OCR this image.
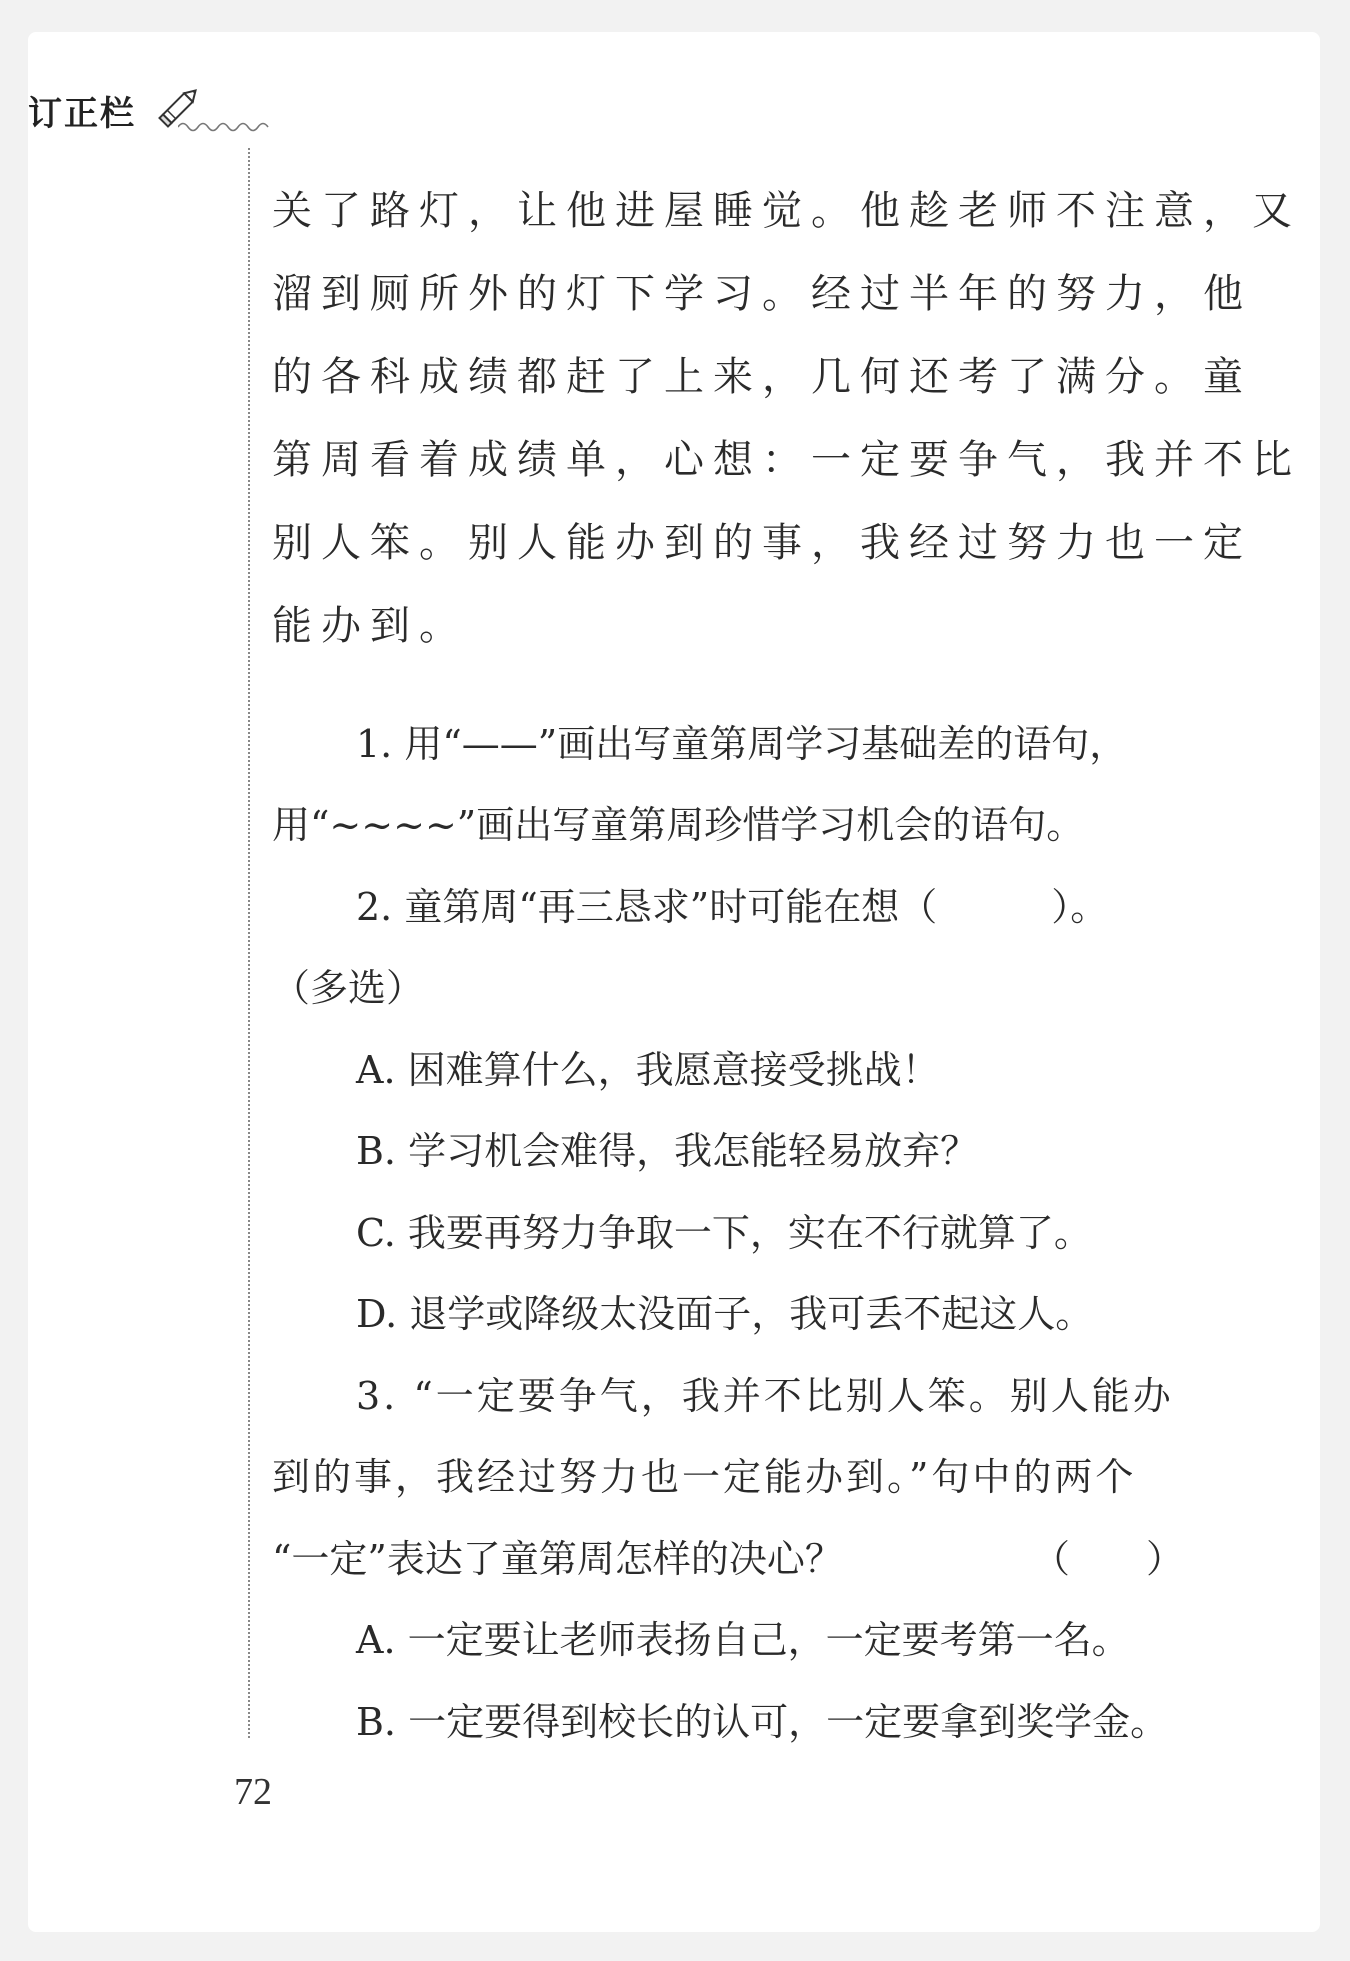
订正栏

关了路灯，让他进屋睡觉。他趁老师不注意，又

溜到厕所外的灯下学习。经过半年的努力，他

的各科成绩都赶了上来，几何还考了满分。童

第周看着成绩单，心想：一定要争气，我并不比

别人笨。别人能办到的事，我经过努力也一定

能办到。

1. 用“——”画出写童第周学习基础差的语句，
用“~~~~”画出写童第周珍惜学习机会的语句。
2. 童第周“再三恳求”时可能在想（　　　）。
（多选）
A. 困难算什么，我愿意接受挑战！
B. 学习机会难得，我怎能轻易放弃？
C. 我要再努力争取一下，实在不行就算了。
D. 退学或降级太没面子，我可丢不起这人。
3. “一定要争气，我并不比别人笨。别人能办
到的事，我经过努力也一定能办到。”句中的两个
“一定”表达了童第周怎样的决心？	（　　）
A. 一定要让老师表扬自己，一定要考第一名。
B. 一定要得到校长的认可，一定要拿到奖学金。
72
